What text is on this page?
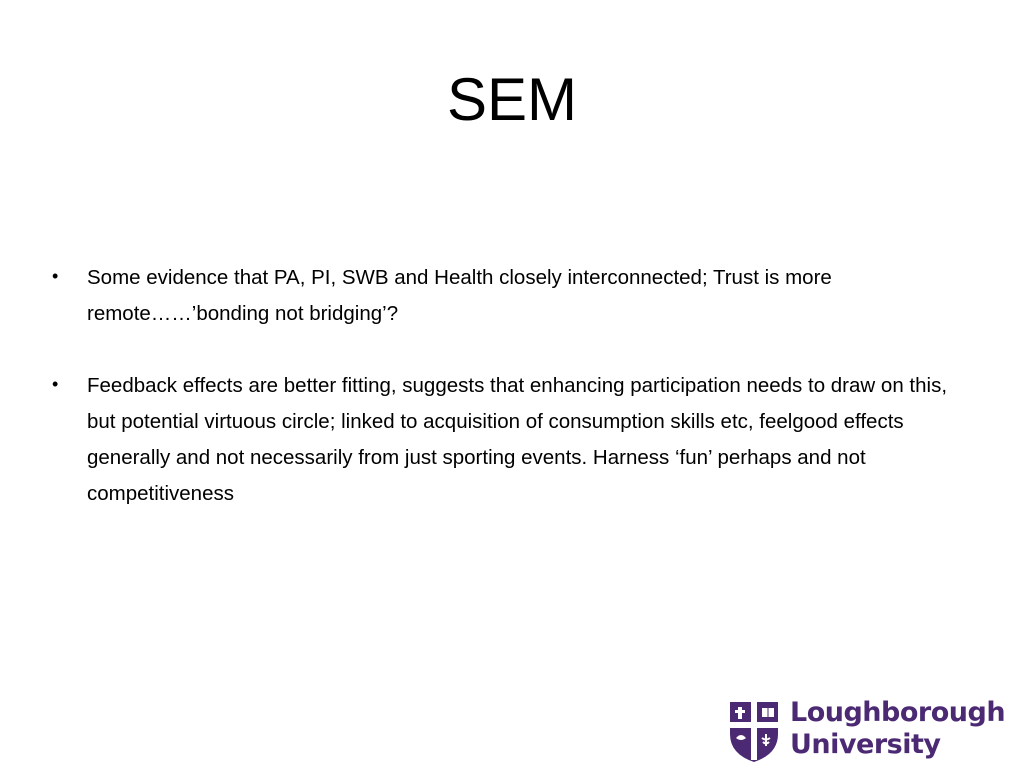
SEM
• Some evidence that PA, PI, SWB and Health closely interconnected; Trust is more remote……’bonding not bridging’?
• Feedback effects are better fitting, suggests that enhancing participation needs to draw on this, but potential virtuous circle; linked to acquisition of consumption skills etc, feelgood effects generally and not necessarily from just sporting events. Harness ‘fun’ perhaps and not competitiveness
Loughborough
University
